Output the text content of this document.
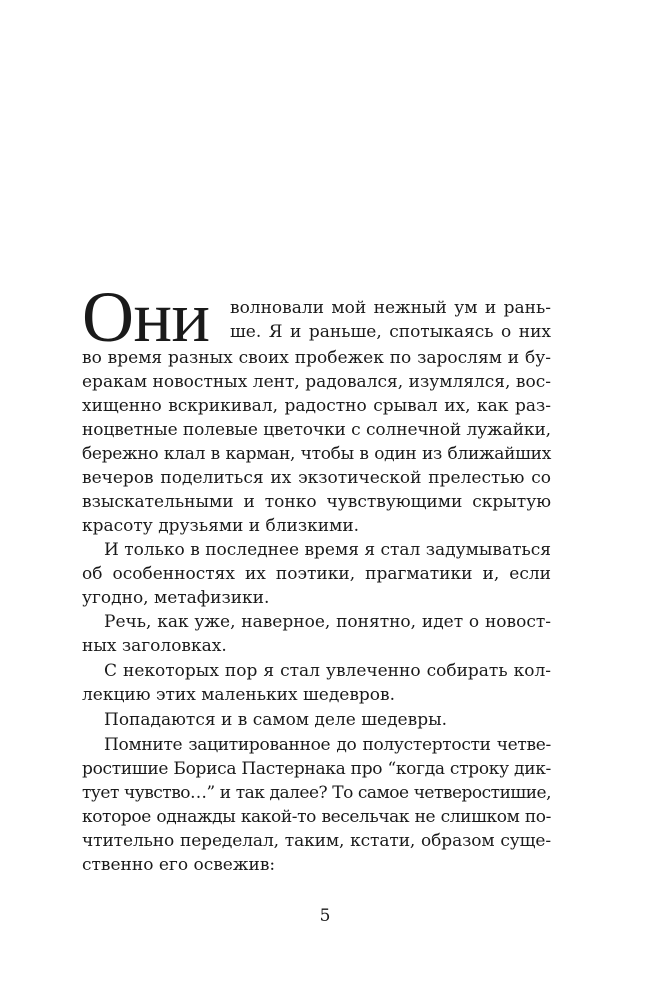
Они волновали мой нежный ум и рань-
ше. Я и раньше, спотыкаясь о них
во время разных своих пробежек по зарослям и бу-
еракам новостных лент, радовался, изумлялся, вос-
хищенно вскрикивал, радостно срывал их, как раз-
ноцветные полевые цветочки с солнечной лужайки,
бережно клал в карман, чтобы в один из ближайших
вечеров поделиться их экзотической прелестью со
взыскательными и тонко чувствующими скрытую
красоту друзьями и близкими.
И только в последнее время я стал задумываться
об особенностях их поэтики, прагматики и, если
угодно, метафизики.
Речь, как уже, наверное, понятно, идет о новост-
ных заголовках.
С некоторых пор я стал увлеченно собирать кол-
лекцию этих маленьких шедевров.
Попадаются и в самом деле шедевры.
Помните зацитированное до полустертости четве-
ростишие Бориса Пастернака про “когда строку дик-
тует чувство…” и так далее? То самое четверостишие,
которое однажды какой-то весельчак не слишком по-
чтительно переделал, таким, кстати, образом суще-
ственно его освежив:
5
